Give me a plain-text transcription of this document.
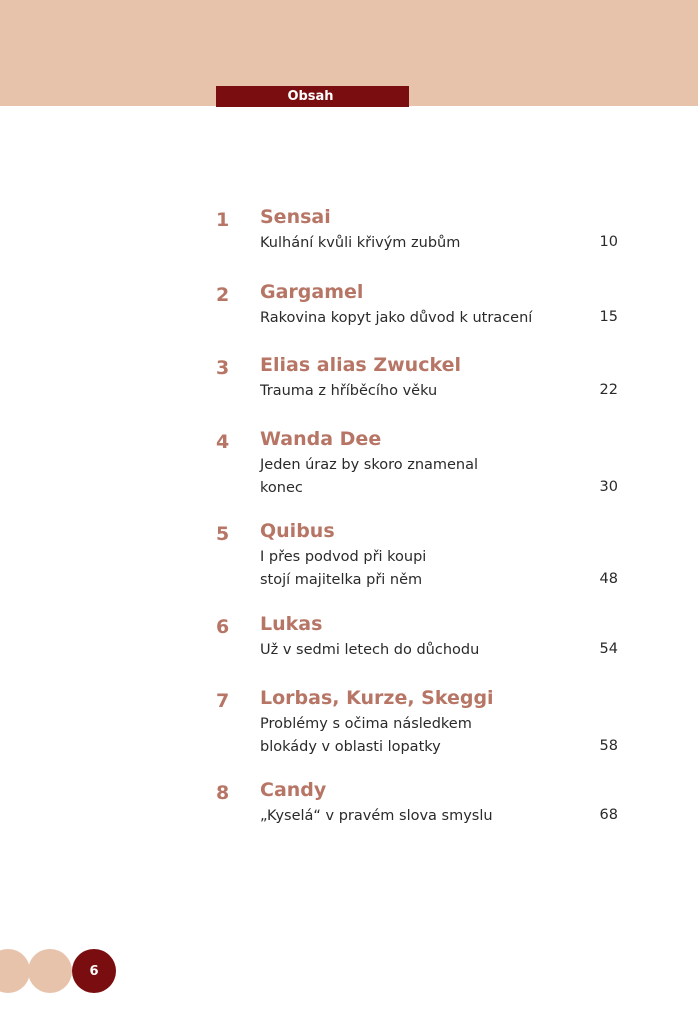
Obsah
1 Sensai
Kulhání kvůli křivým zubům	10
2 Gargamel
Rakovina kopyt jako důvod k utracení	15
3 Elias alias Zwuckel
Trauma z hříběcího věku	22
4 Wanda Dee
Jeden úraz by skoro znamenal
konec	30
5 Quibus
I přes podvod při koupi
stojí majitelka při něm	48
6 Lukas
Už v sedmi letech do důchodu	54
7 Lorbas, Kurze, Skeggi
Problémy s očima následkem
blokády v oblasti lopatky	58
8 Candy
„Kyselá“ v pravém slova smyslu	68
6
